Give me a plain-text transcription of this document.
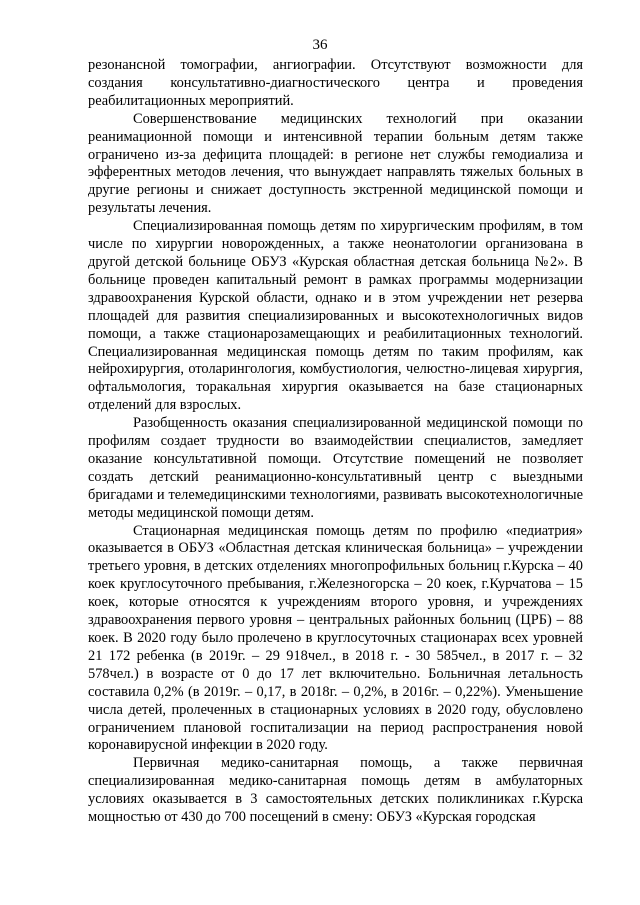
36

резонансной томографии, ангиографии. Отсутствуют возможности для создания консультативно-диагностического центра и проведения реабилитационных мероприятий.

Совершенствование медицинских технологий при оказании реанимационной помощи и интенсивной терапии больным детям также ограничено из-за дефицита площадей: в регионе нет службы гемодиализа и эфферентных методов лечения, что вынуждает направлять тяжелых больных в другие регионы и снижает доступность экстренной медицинской помощи и результаты лечения.

Специализированная помощь детям по хирургическим профилям, в том числе по хирургии новорожденных, а также неонатологии организована в другой детской больнице ОБУЗ «Курская областная детская больница №2». В больнице проведен капитальный ремонт в рамках программы модернизации здравоохранения Курской области, однако и в этом учреждении нет резерва площадей для развития специализированных и высокотехнологичных видов помощи, а также стационарозамещающих и реабилитационных технологий. Специализированная медицинская помощь детям по таким профилям, как нейрохирургия, отоларингология, комбустиология, челюстно-лицевая хирургия, офтальмология, торакальная хирургия оказывается на базе стационарных отделений для взрослых.

Разобщенность оказания специализированной медицинской помощи по профилям создает трудности во взаимодействии специалистов, замедляет оказание консультативной помощи. Отсутствие помещений не позволяет создать детский реанимационно-консультативный центр с выездными бригадами и телемедицинскими технологиями, развивать высокотехнологичные методы медицинской помощи детям.

Стационарная медицинская помощь детям по профилю «педиатрия» оказывается в ОБУЗ «Областная детская клиническая больница» – учреждении третьего уровня, в детских отделениях многопрофильных больниц г.Курска – 40 коек круглосуточного пребывания, г.Железногорска – 20 коек, г.Курчатова – 15 коек, которые относятся к учреждениям второго уровня, и учреждениях здравоохранения первого уровня – центральных районных больниц (ЦРБ) – 88 коек. В 2020 году было пролечено в круглосуточных стационарах всех уровней 21 172 ребенка (в 2019г. – 29 918чел., в 2018 г. - 30 585чел., в 2017 г. – 32 578чел.) в возрасте от 0 до 17 лет включительно. Больничная летальность составила 0,2% (в 2019г. – 0,17, в 2018г. – 0,2%, в 2016г. – 0,22%). Уменьшение числа детей, пролеченных в стационарных условиях в 2020 году, обусловлено ограничением плановой госпитализации на период распространения новой коронавирусной инфекции в 2020 году.

Первичная медико-санитарная помощь, а также первичная специализированная медико-санитарная помощь детям в амбулаторных условиях оказывается в 3 самостоятельных детских поликлиниках г.Курска мощностью от 430 до 700 посещений в смену: ОБУЗ «Курская городская
